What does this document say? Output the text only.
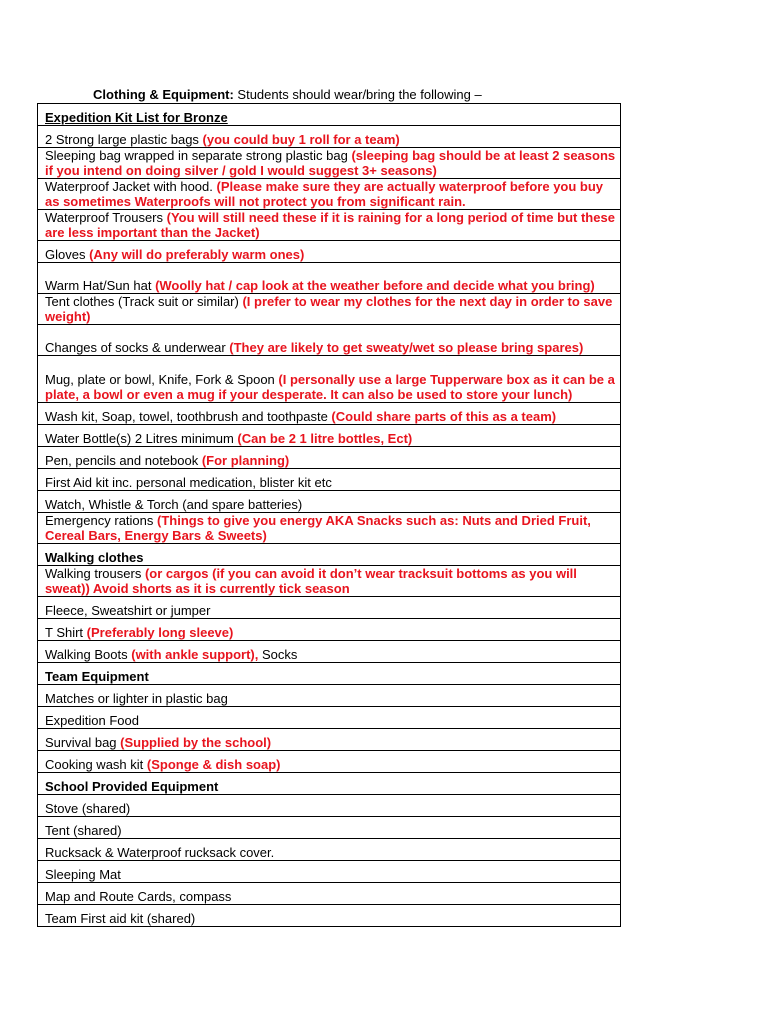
Clothing & Equipment: Students should wear/bring the following –
Expedition Kit List for Bronze
2 Strong large plastic bags (you could buy 1 roll for a team)
Sleeping bag wrapped in separate strong plastic bag (sleeping bag should be at least 2 seasons if you intend on doing silver / gold I would suggest 3+ seasons)
Waterproof Jacket with hood. (Please make sure they are actually waterproof before you buy as sometimes Waterproofs will not protect you from significant rain.
Waterproof Trousers (You will still need these if it is raining for a long period of time but these are less important than the Jacket)
Gloves (Any will do preferably warm ones)
Warm Hat/Sun hat (Woolly hat / cap look at the weather before and decide what you bring)
Tent clothes (Track suit or similar) (I prefer to wear my clothes for the next day in order to save weight)
Changes of socks & underwear (They are likely to get sweaty/wet so please bring spares)
Mug, plate or bowl, Knife, Fork & Spoon (I personally use a large Tupperware box as it can be a plate, a bowl or even a mug if your desperate. It can also be used to store your lunch)
Wash kit, Soap, towel, toothbrush and toothpaste (Could share parts of this as a team)
Water Bottle(s) 2 Litres minimum (Can be 2 1 litre bottles, Ect)
Pen, pencils and notebook (For planning)
First Aid kit inc. personal medication, blister kit etc
Watch, Whistle & Torch (and spare batteries)
Emergency rations (Things to give you energy AKA Snacks such as: Nuts and Dried Fruit, Cereal Bars, Energy Bars & Sweets)
Walking clothes
Walking trousers (or cargos (if you can avoid it don’t wear tracksuit bottoms as you will sweat)) Avoid shorts as it is currently tick season
Fleece, Sweatshirt or jumper
T Shirt (Preferably long sleeve)
Walking Boots (with ankle support), Socks
Team Equipment
Matches or lighter in plastic bag
Expedition Food
Survival bag (Supplied by the school)
Cooking wash kit (Sponge & dish soap)
School Provided Equipment
Stove (shared)
Tent (shared)
Rucksack & Waterproof rucksack cover.
Sleeping Mat
Map and Route Cards, compass
Team First aid kit (shared)
